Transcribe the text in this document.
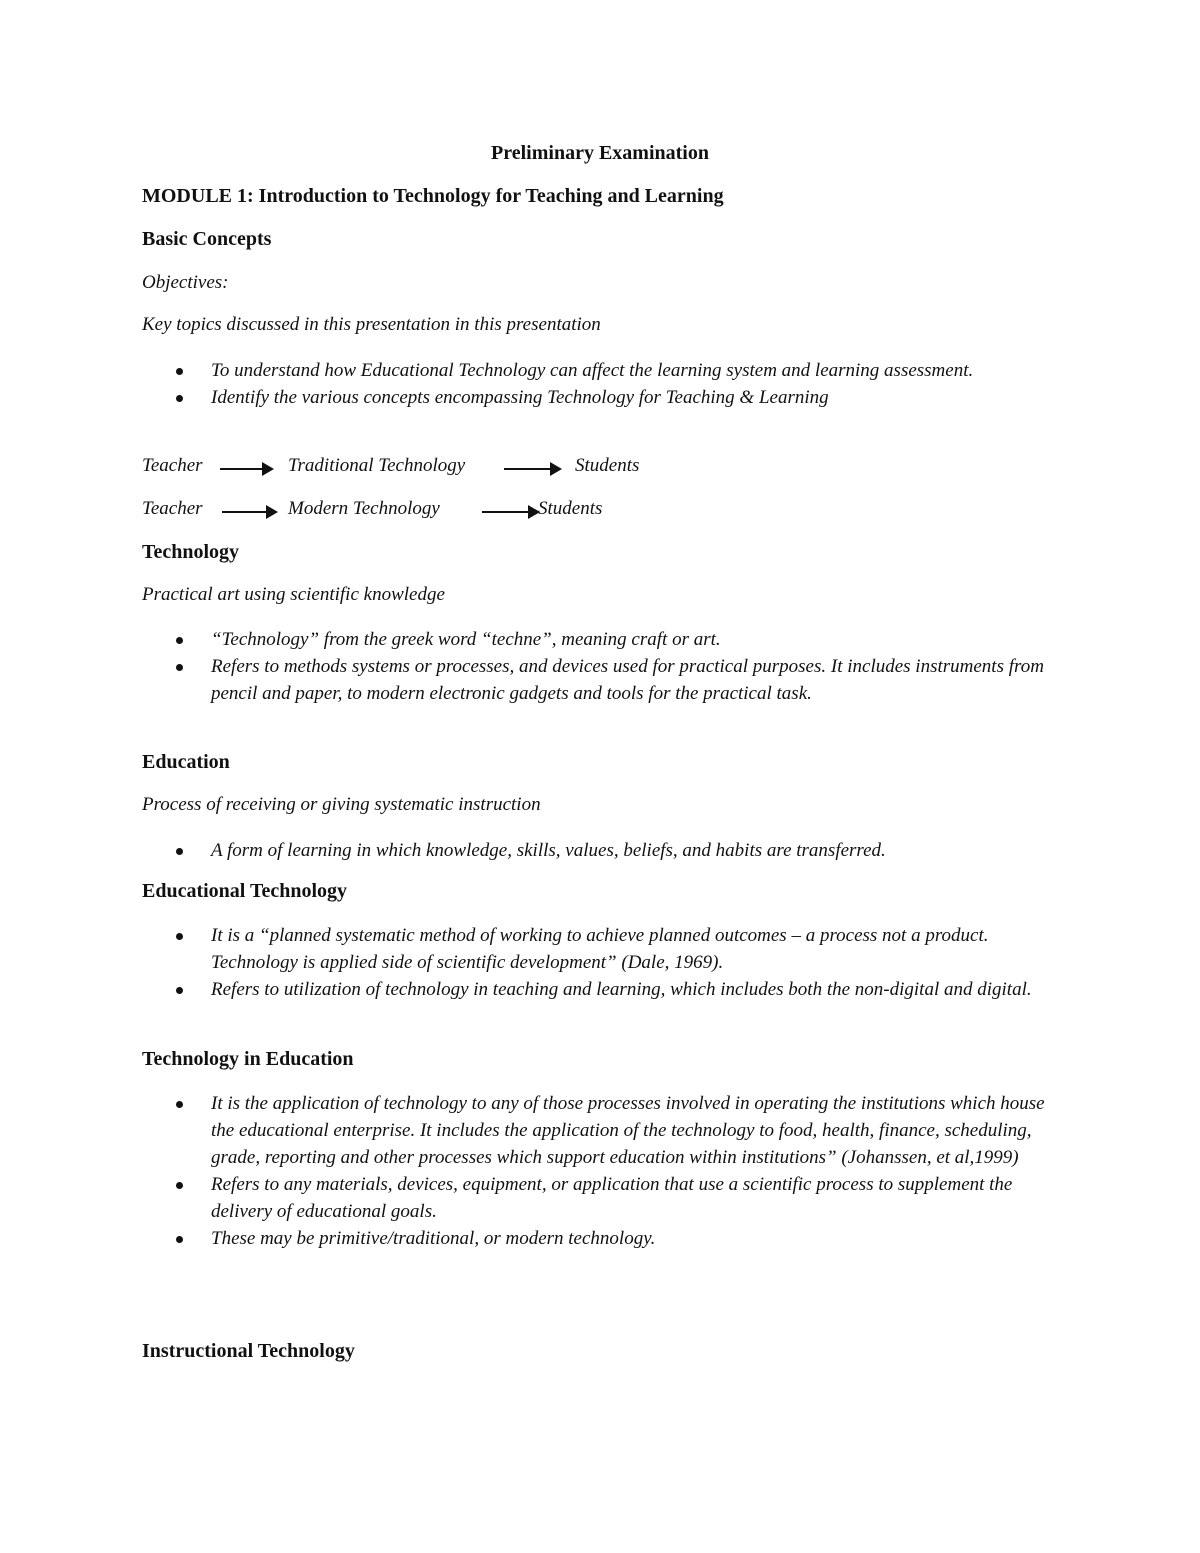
Preliminary Examination
MODULE 1: Introduction to Technology for Teaching and Learning
Basic Concepts
Objectives:
Key topics discussed in this presentation in this presentation
To understand how Educational Technology can affect the learning system and learning assessment.
Identify the various concepts encompassing Technology for Teaching & Learning
Teacher	Traditional Technology	Students
Teacher	Modern Technology	Students
Technology
Practical art using scientific knowledge
“Technology” from the greek word “techne”, meaning craft or art.
Refers to methods systems or processes, and devices used for practical purposes. It includes instruments from pencil and paper, to modern electronic gadgets and tools for the practical task.
Education
Process of receiving or giving systematic instruction
A form of learning in which knowledge, skills, values, beliefs, and habits are transferred.
Educational Technology
It is a “planned systematic method of working to achieve planned outcomes – a process not a product. Technology is applied side of scientific development” (Dale, 1969).
Refers to utilization of technology in teaching and learning, which includes both the non-digital and digital.
Technology in Education
It is the application of technology to any of those processes involved in operating the institutions which house the educational enterprise. It includes the application of the technology to food, health, finance, scheduling, grade, reporting and other processes which support education within institutions” (Johanssen, et al,1999)
Refers to any materials, devices, equipment, or application that use a scientific process to supplement the delivery of educational goals.
These may be primitive/traditional, or modern technology.
Instructional Technology
